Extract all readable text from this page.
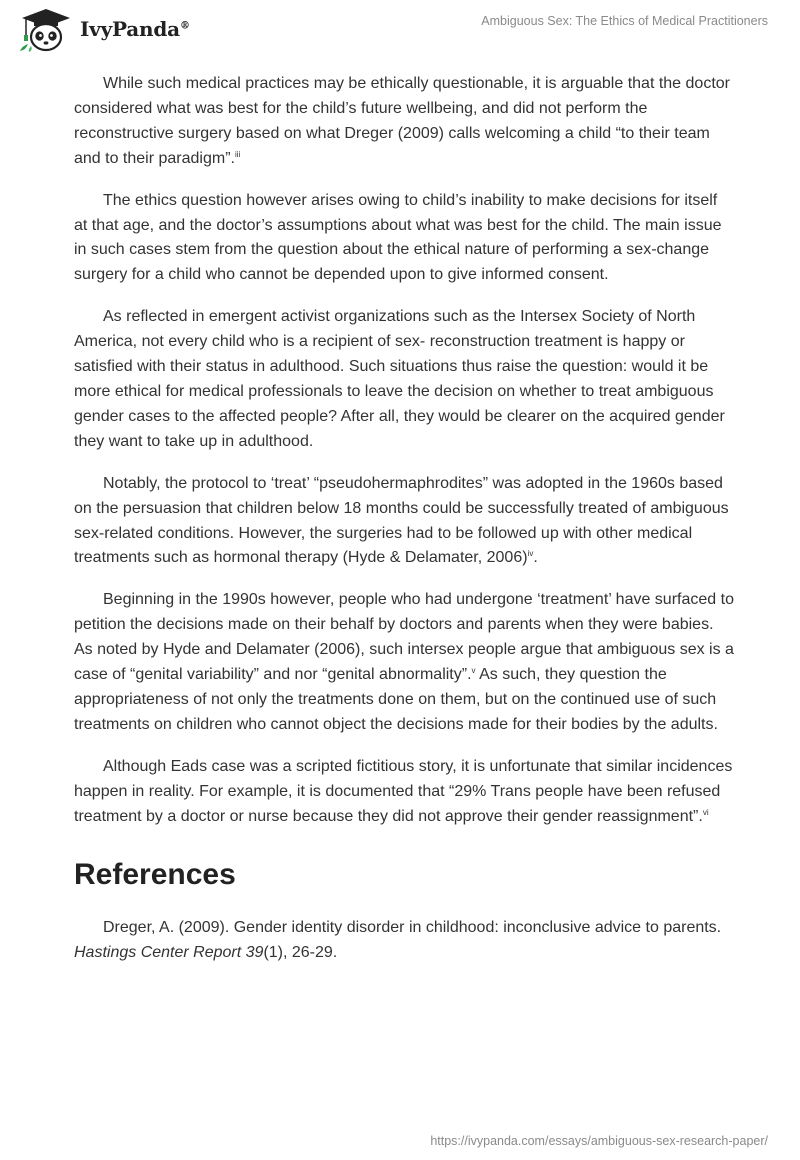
IvyPanda®	Ambiguous Sex: The Ethics of Medical Practitioners

While such medical practices may be ethically questionable, it is arguable that the doctor considered what was best for the child’s future wellbeing, and did not perform the reconstructive surgery based on what Dreger (2009) calls welcoming a child “to their team and to their paradigm”.$^{iii}$

The ethics question however arises owing to child’s inability to make decisions for itself at that age, and the doctor’s assumptions about what was best for the child. The main issue in such cases stem from the question about the ethical nature of performing a sex-change surgery for a child who cannot be depended upon to give informed consent.

As reflected in emergent activist organizations such as the Intersex Society of North America, not every child who is a recipient of sex- reconstruction treatment is happy or satisfied with their status in adulthood. Such situations thus raise the question: would it be more ethical for medical professionals to leave the decision on whether to treat ambiguous gender cases to the affected people? After all, they would be clearer on the acquired gender they want to take up in adulthood.

Notably, the protocol to ‘treat’ “pseudohermaphrodites” was adopted in the 1960s based on the persuasion that children below 18 months could be successfully treated of ambiguous sex-related conditions. However, the surgeries had to be followed up with other medical treatments such as hormonal therapy (Hyde & Delamater, 2006)$^{iv}$.

Beginning in the 1990s however, people who had undergone ‘treatment’ have surfaced to petition the decisions made on their behalf by doctors and parents when they were babies. As noted by Hyde and Delamater (2006), such intersex people argue that ambiguous sex is a case of “genital variability” and nor “genital abnormality”.$^v$ As such, they question the appropriateness of not only the treatments done on them, but on the continued use of such treatments on children who cannot object the decisions made for their bodies by the adults.

Although Eads case was a scripted fictitious story, it is unfortunate that similar incidences happen in reality. For example, it is documented that “29% Trans people have been refused treatment by a doctor or nurse because they did not approve their gender reassignment”.$^{vi}$

References

Dreger, A. (2009). Gender identity disorder in childhood: inconclusive advice to parents. Hastings Center Report 39(1), 26-29.

https://ivypanda.com/essays/ambiguous-sex-research-paper/
